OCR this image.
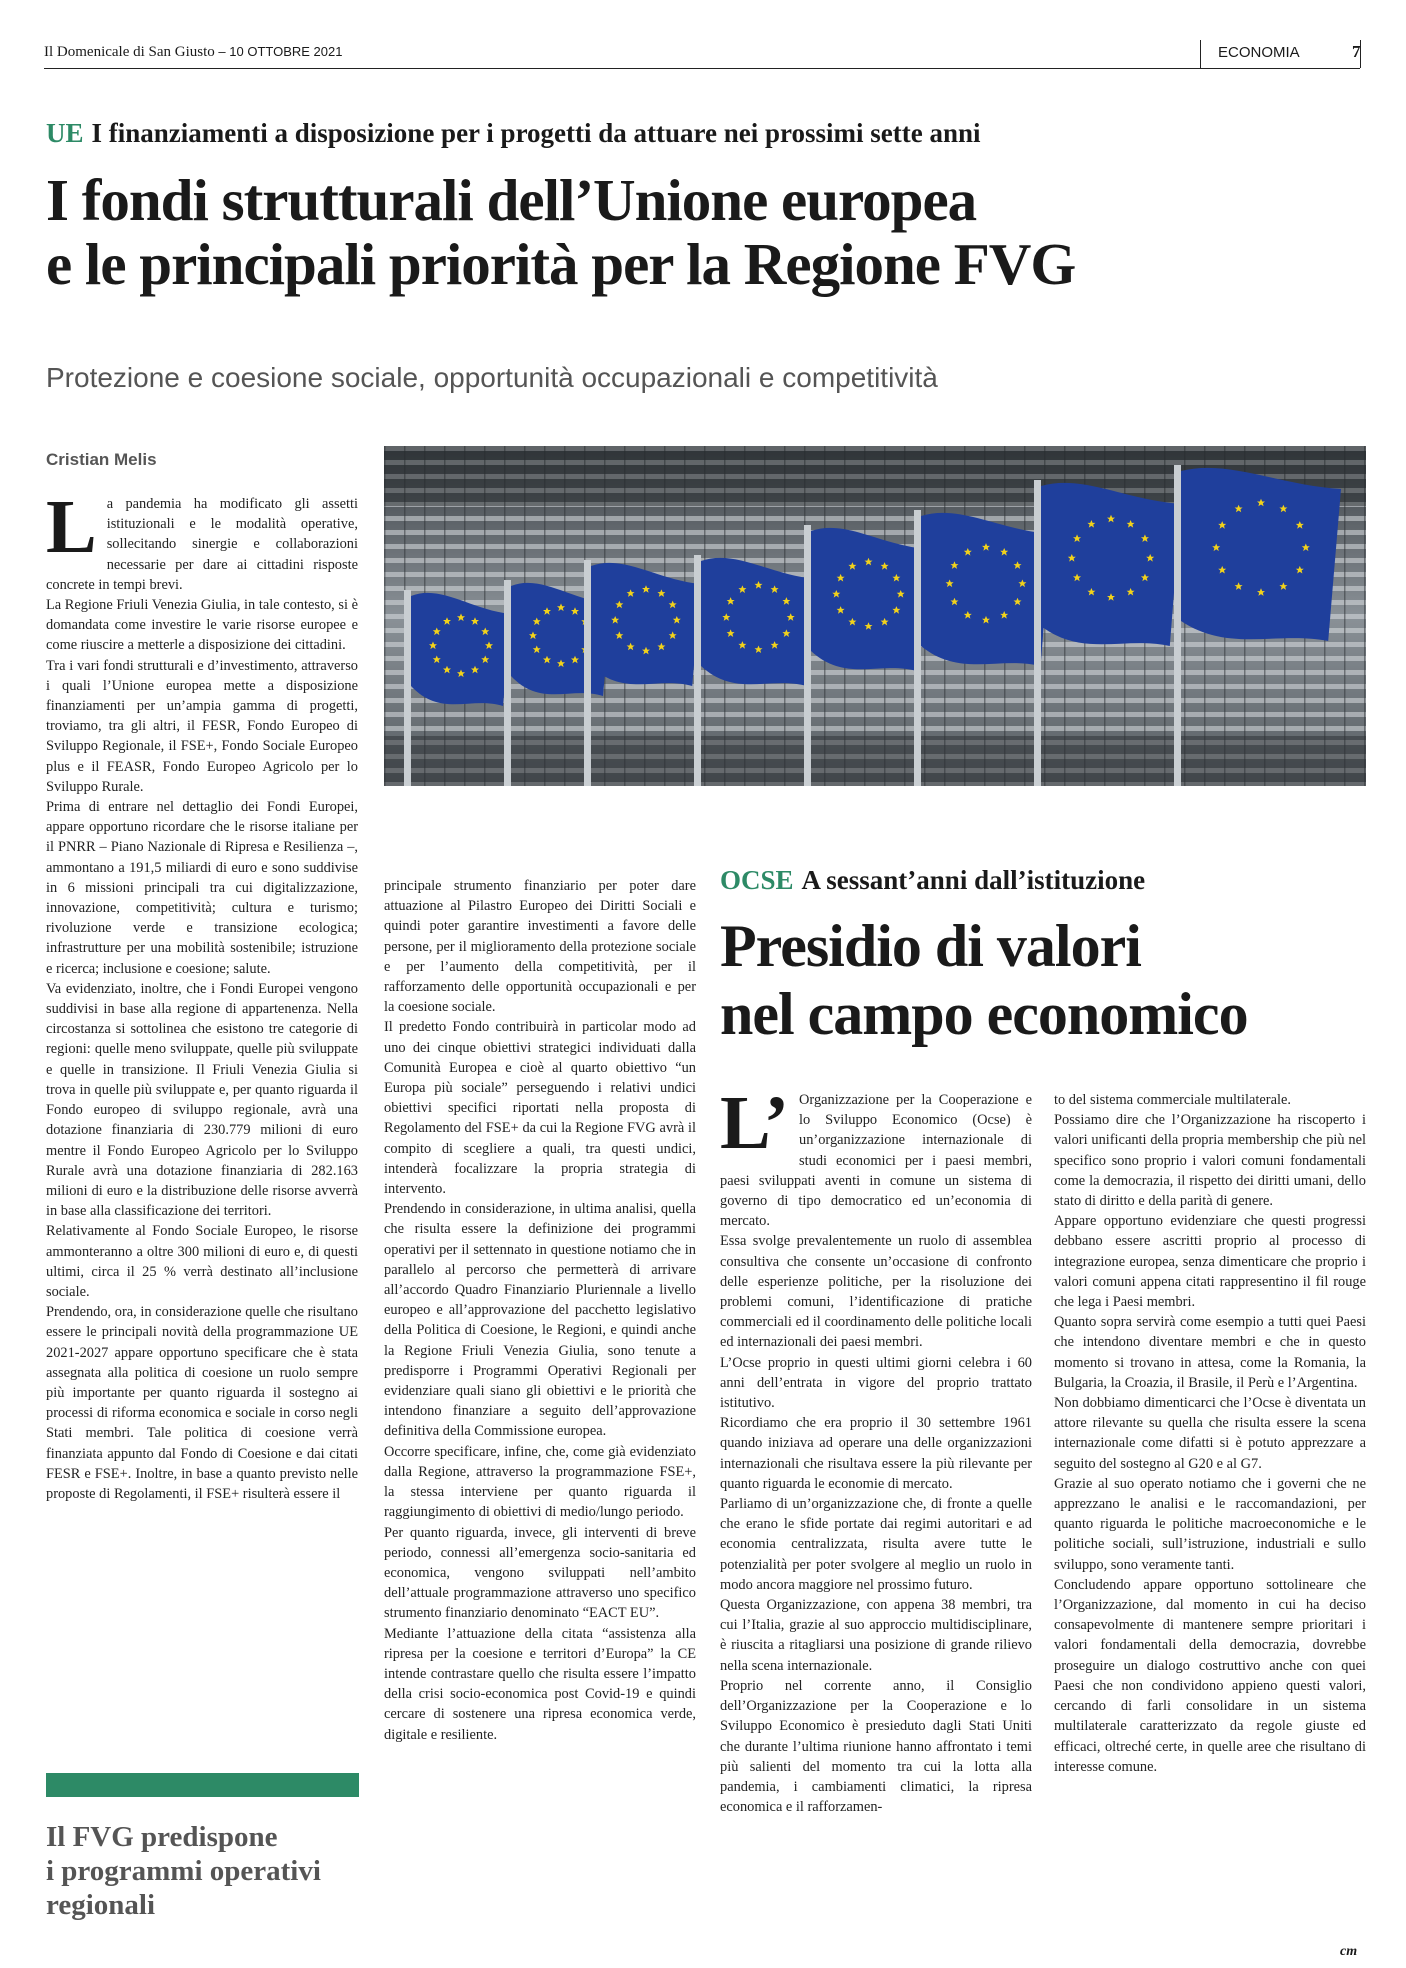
Il Domenicale di San Giusto – 10 OTTOBRE 2021	ECONOMIA	7
UE I finanziamenti a disposizione per i progetti da attuare nei prossimi sette anni
I fondi strutturali dell’Unione europea
e le principali priorità per la Regione FVG
Protezione e coesione sociale, opportunità occupazionali e competitività
Cristian Melis
L a pandemia ha modificato gli assetti istituzionali e le modalità operative, sollecitando sinergie e collaborazioni necessarie per dare ai cittadini risposte concrete in tempi brevi.

La Regione Friuli Venezia Giulia, in tale contesto, si è domandata come investire le varie risorse europee e come riuscire a metterle a disposizione dei cittadini.

Tra i vari fondi strutturali e d’investimento, attraverso i quali l’Unione europea mette a disposizione finanziamenti per un’ampia gamma di progetti, troviamo, tra gli altri, il FESR, Fondo Europeo di Sviluppo Regionale, il FSE+, Fondo Sociale Europeo plus e il FEASR, Fondo Europeo Agricolo per lo Sviluppo Rurale.

Prima di entrare nel dettaglio dei Fondi Europei, appare opportuno ricordare che le risorse italiane per il PNRR – Piano Nazionale di Ripresa e Resilienza –, ammontano a 191,5 miliardi di euro e sono suddivise in 6 missioni principali tra cui digitalizzazione, innovazione, competitività; cultura e turismo; rivoluzione verde e transizione ecologica; infrastrutture per una mobilità sostenibile; istruzione e ricerca; inclusione e coesione; salute.

Va evidenziato, inoltre, che i Fondi Europei vengono suddivisi in base alla regione di appartenenza. Nella circostanza si sottolinea che esistono tre categorie di regioni: quelle meno sviluppate, quelle più sviluppate e quelle in transizione. Il Friuli Venezia Giulia si trova in quelle più sviluppate e, per quanto riguarda il Fondo europeo di sviluppo regionale, avrà una dotazione finanziaria di 230.779 milioni di euro mentre il Fondo Europeo Agricolo per lo Sviluppo Rurale avrà una dotazione finanziaria di 282.163 milioni di euro e la distribuzione delle risorse avverrà in base alla classificazione dei territori.

Relativamente al Fondo Sociale Europeo, le risorse ammonteranno a oltre 300 milioni di euro e, di questi ultimi, circa il 25 % verrà destinato all’inclusione sociale.

Prendendo, ora, in considerazione quelle che risultano essere le principali novità della programmazione UE 2021-2027 appare opportuno specificare che è stata assegnata alla politica di coesione un ruolo sempre più importante per quanto riguarda il sostegno ai processi di riforma economica e sociale in corso negli Stati membri. Tale politica di coesione verrà finanziata appunto dal Fondo di Coesione e dai citati FESR e FSE+. Inoltre, in base a quanto previsto nelle proposte di Regolamenti, il FSE+ risulterà essere il

principale strumento finanziario per poter dare attuazione al Pilastro Europeo dei Diritti Sociali e quindi poter garantire investimenti a favore delle persone, per il miglioramento della protezione sociale e per l’aumento della competitività, per il rafforzamento delle opportunità occupazionali e per la coesione sociale.

Il predetto Fondo contribuirà in particolar modo ad uno dei cinque obiettivi strategici individuati dalla Comunità Europea e cioè al quarto obiettivo “un Europa più sociale” perseguendo i relativi undici obiettivi specifici riportati nella proposta di Regolamento del FSE+ da cui la Regione FVG avrà il compito di scegliere a quali, tra questi undici, intenderà focalizzare la propria strategia di intervento.

Prendendo in considerazione, in ultima analisi, quella che risulta essere la definizione dei programmi operativi per il settennato in questione notiamo che in parallelo al percorso che permetterà di arrivare all’accordo Quadro Finanziario Pluriennale a livello europeo e all’approvazione del pacchetto legislativo della Politica di Coesione, le Regioni, e quindi anche la Regione Friuli Venezia Giulia, sono tenute a predisporre i Programmi Operativi Regionali per evidenziare quali siano gli obiettivi e le priorità che intendono finanziare a seguito dell’approvazione definitiva della Commissione europea.

Occorre specificare, infine, che, come già evidenziato dalla Regione, attraverso la programmazione FSE+, la stessa interviene per quanto riguarda il raggiungimento di obiettivi di medio/lungo periodo.

Per quanto riguarda, invece, gli interventi di breve periodo, connessi all’emergenza socio-sanitaria ed economica, vengono sviluppati nell’ambito dell’attuale programmazione attraverso uno specifico strumento finanziario denominato “EACT EU”.

Mediante l’attuazione della citata “assistenza alla ripresa per la coesione e territori d’Europa” la CE intende contrastare quello che risulta essere l’impatto della crisi socio-economica post Covid-19 e quindi cercare di sostenere una ripresa economica verde, digitale e resiliente.

Il FVG predispone
i programmi operativi
regionali
OCSE A sessant’anni dall’istituzione
Presidio di valori
nel campo economico
L’ Organizzazione per la Cooperazione e lo Sviluppo Economico (Ocse) è un’organizzazione internazionale di studi economici per i paesi membri, paesi sviluppati aventi in comune un sistema di governo di tipo democratico ed un’economia di mercato.

Essa svolge prevalentemente un ruolo di assemblea consultiva che consente un’occasione di confronto delle esperienze politiche, per la risoluzione dei problemi comuni, l’identificazione di pratiche commerciali ed il coordinamento delle politiche locali ed internazionali dei paesi membri.

L’Ocse proprio in questi ultimi giorni celebra i 60 anni dell’entrata in vigore del proprio trattato istitutivo.

Ricordiamo che era proprio il 30 settembre 1961 quando iniziava ad operare una delle organizzazioni internazionali che risultava essere la più rilevante per quanto riguarda le economie di mercato.

Parliamo di un’organizzazione che, di fronte a quelle che erano le sfide portate dai regimi autoritari e ad economia centralizzata, risulta avere tutte le potenzialità per poter svolgere al meglio un ruolo in modo ancora maggiore nel prossimo futuro.

Questa Organizzazione, con appena 38 membri, tra cui l’Italia, grazie al suo approccio multidisciplinare, è riuscita a ritagliarsi una posizione di grande rilievo nella scena internazionale.

Proprio nel corrente anno, il Consiglio dell’Organizzazione per la Cooperazione e lo Sviluppo Economico è presieduto dagli Stati Uniti che durante l’ultima riunione hanno affrontato i temi più salienti del momento tra cui la lotta alla pandemia, i cambiamenti climatici, la ripresa economica e il rafforzamen-

to del sistema commerciale multilaterale.

Possiamo dire che l’Organizzazione ha riscoperto i valori unificanti della propria membership che più nel specifico sono proprio i valori comuni fondamentali come la democrazia, il rispetto dei diritti umani, dello stato di diritto e della parità di genere.

Appare opportuno evidenziare che questi progressi debbano essere ascritti proprio al processo di integrazione europea, senza dimenticare che proprio i valori comuni appena citati rappresentino il fil rouge che lega i Paesi membri.

Quanto sopra servirà come esempio a tutti quei Paesi che intendono diventare membri e che in questo momento si trovano in attesa, come la Romania, la Bulgaria, la Croazia, il Brasile, il Perù e l’Argentina.

Non dobbiamo dimenticarci che l’Ocse è diventata un attore rilevante su quella che risulta essere la scena internazionale come difatti si è potuto apprezzare a seguito del sostegno al G20 e al G7.

Grazie al suo operato notiamo che i governi che ne apprezzano le analisi e le raccomandazioni, per quanto riguarda le politiche macroeconomiche e le politiche sociali, sull’istruzione, industriali e sullo sviluppo, sono veramente tanti.

Concludendo appare opportuno sottolineare che l’Organizzazione, dal momento in cui ha deciso consapevolmente di mantenere sempre prioritari i valori fondamentali della democrazia, dovrebbe proseguire un dialogo costruttivo anche con quei Paesi che non condividono appieno questi valori, cercando di farli consolidare in un sistema multilaterale caratterizzato da regole giuste ed efficaci, oltreché certe, in quelle aree che risultano di interesse comune.

cm
